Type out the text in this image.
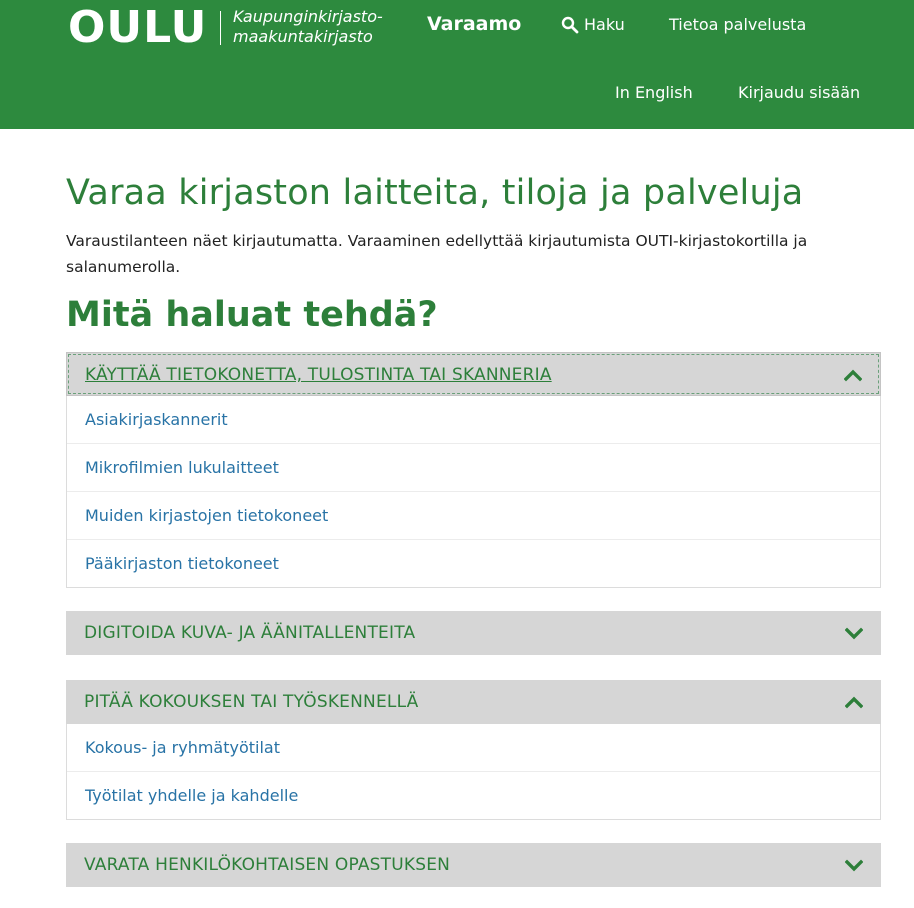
OULU Kaupunginkirjasto-
maakuntakirjasto
Varaamo	Haku	Tietoa palvelusta
In English	Kirjaudu sisään
Varaa kirjaston laitteita, tiloja ja palveluja

Varaustilanteen näet kirjautumatta. Varaaminen edellyttää kirjautumista OUTI-kirjastokortilla ja salanumerolla.

Mitä haluat tehdä?
KÄYTTÄÄ TIETOKONETTA, TULOSTINTA TAI SKANNERIA
Asiakirjaskannerit
Mikrofilmien lukulaitteet
Muiden kirjastojen tietokoneet
Pääkirjaston tietokoneet
DIGITOIDA KUVA- JA ÄÄNITALLENTEITA
PITÄÄ KOKOUKSEN TAI TYÖSKENNELLÄ
Kokous- ja ryhmätyötilat
Työtilat yhdelle ja kahdelle
VARATA HENKILÖKOHTAISEN OPASTUKSEN
